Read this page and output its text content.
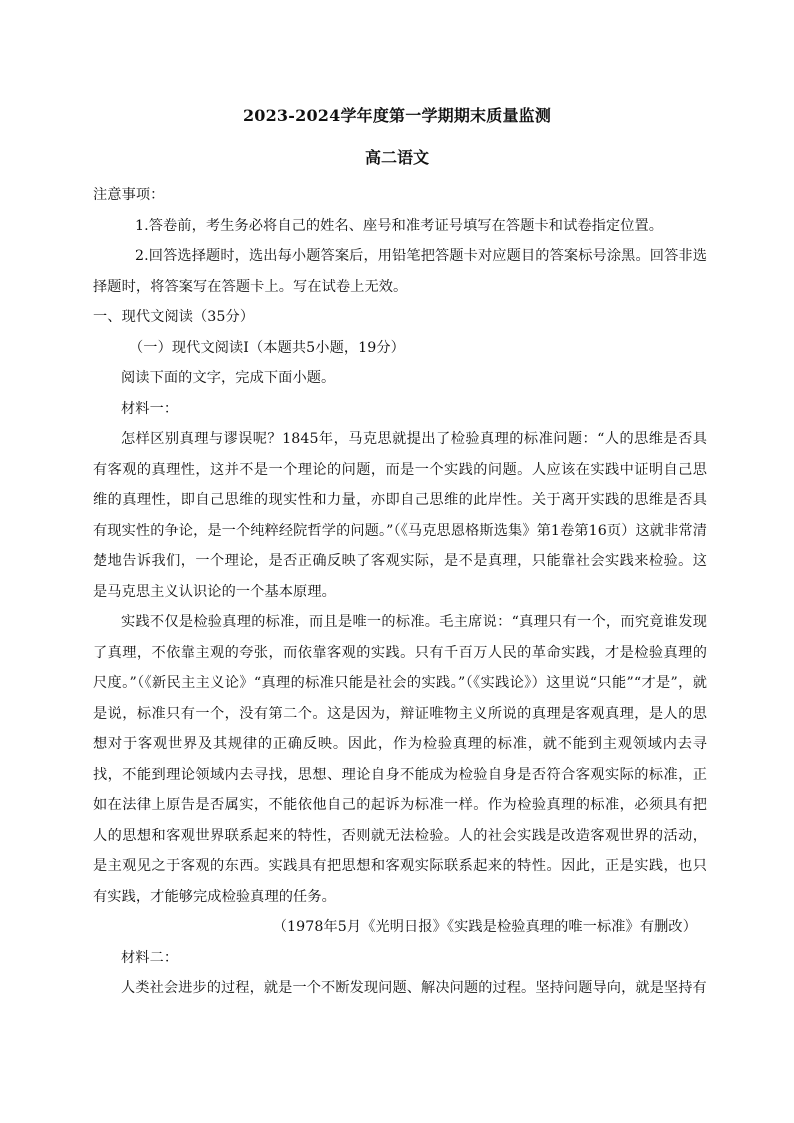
2023-2024学年度第一学期期末质量监测
高二语文

注意事项：

1.答卷前，考生务必将自己的姓名、座号和准考证号填写在答题卡和试卷指定位置。

2.回答选择题时，选出每小题答案后，用铅笔把答题卡对应题目的答案标号涂黑。回答非选择题时，将答案写在答题卡上。写在试卷上无效。

一、现代文阅读（35分）

（一）现代文阅读Ⅰ（本题共5小题，19分）

阅读下面的文字，完成下面小题。

材料一：

怎样区别真理与谬误呢？1845年，马克思就提出了检验真理的标准问题：“人的思维是否具有客观的真理性，这并不是一个理论的问题，而是一个实践的问题。人应该在实践中证明自己思维的真理性，即自己思维的现实性和力量，亦即自己思维的此岸性。关于离开实践的思维是否具有现实性的争论，是一个纯粹经院哲学的问题。”（《马克思恩格斯选集》第1卷第16页）这就非常清楚地告诉我们，一个理论，是否正确反映了客观实际，是不是真理，只能靠社会实践来检验。这是马克思主义认识论的一个基本原理。

实践不仅是检验真理的标准，而且是唯一的标准。毛主席说：“真理只有一个，而究竟谁发现了真理，不依靠主观的夸张，而依靠客观的实践。只有千百万人民的革命实践，才是检验真理的尺度。”（《新民主主义论》“真理的标准只能是社会的实践。”（《实践论》）这里说“只能”“才是”，就是说，标准只有一个，没有第二个。这是因为，辩证唯物主义所说的真理是客观真理，是人的思想对于客观世界及其规律的正确反映。因此，作为检验真理的标准，就不能到主观领域内去寻找，不能到理论领域内去寻找，思想、理论自身不能成为检验自身是否符合客观实际的标准，正如在法律上原告是否属实，不能依他自己的起诉为标准一样。作为检验真理的标准，必须具有把人的思想和客观世界联系起来的特性，否则就无法检验。人的社会实践是改造客观世界的活动，是主观见之于客观的东西。实践具有把思想和客观实际联系起来的特性。因此，正是实践，也只有实践，才能够完成检验真理的任务。

（1978年5月《光明日报》《实践是检验真理的唯一标准》有删改）

材料二：

人类社会进步的过程，就是一个不断发现问题、解决问题的过程。坚持问题导向，就是坚持有
